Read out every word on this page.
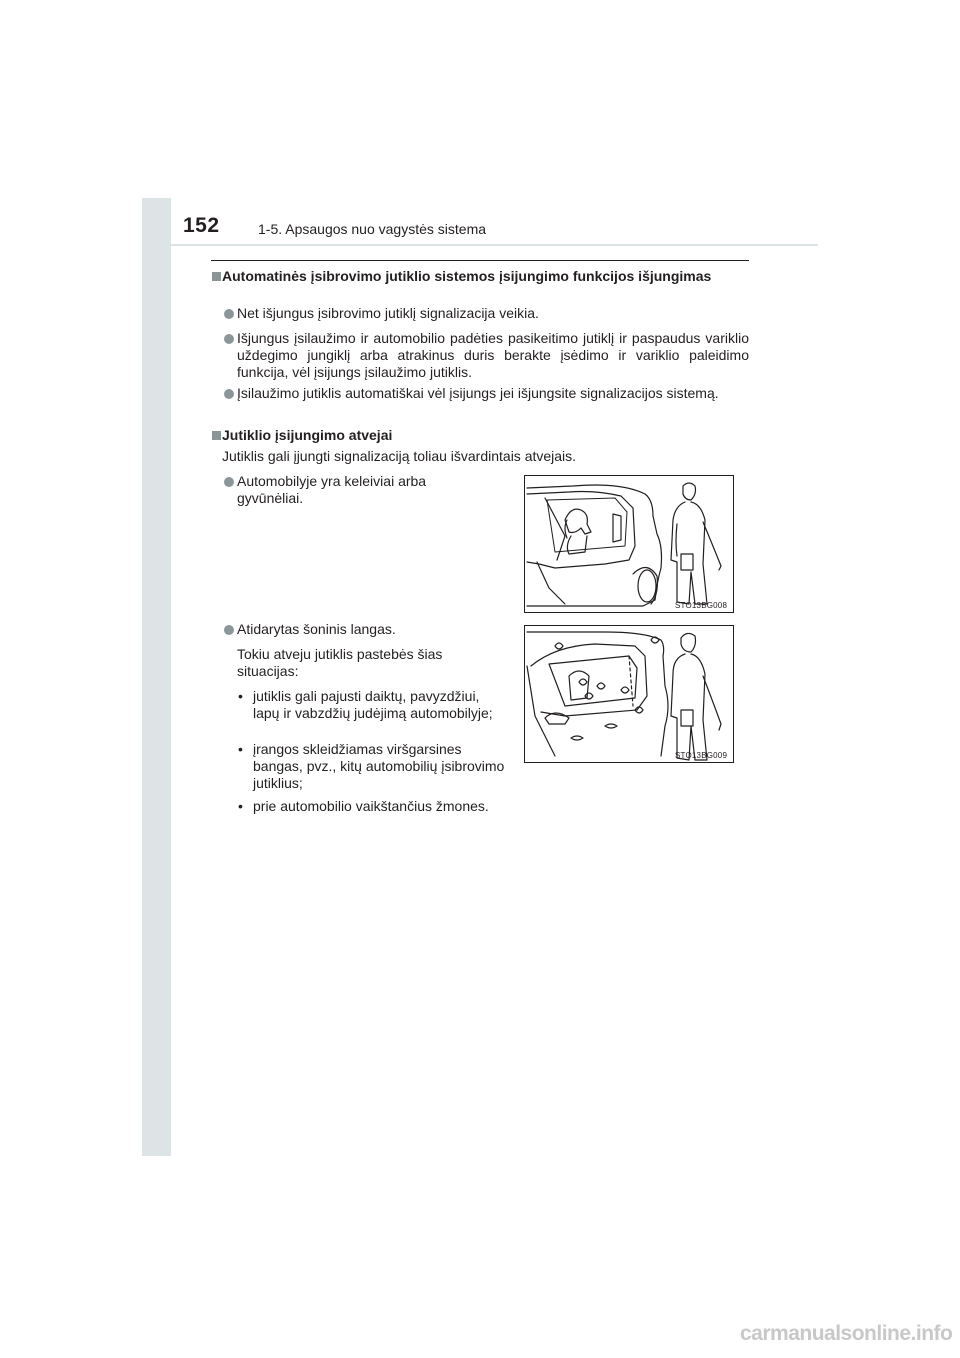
152	1-5. Apsaugos nuo vagystės sistema
Automatinės įsibrovimo jutiklio sistemos įsijungimo funkcijos išjungimas
Net išjungus įsibrovimo jutiklį signalizacija veikia.
Išjungus įsilaužimo ir automobilio padėties pasikeitimo jutiklį ir paspaudus variklio uždegimo jungiklį arba atrakinus duris berakte įsėdimo ir variklio paleidimo funkcija, vėl įsijungs įsilaužimo jutiklis.
Įsilaužimo jutiklis automatiškai vėl įsijungs jei išjungsite signalizacijos sistemą.
Jutiklio įsijungimo atvejai
Jutiklis gali įjungti signalizaciją toliau išvardintais atvejais.
Automobilyje yra keleiviai arba gyvūnėliai.
STO13BG008
Atidarytas šoninis langas.
Tokiu atveju jutiklis pastebės šias situacijas:
• jutiklis gali pajusti daiktų, pavyzdžiui, lapų ir vabzdžių judėjimą automobilyje;
• įrangos skleidžiamas viršgarsines bangas, pvz., kitų automobilių įsibrovimo jutiklius;
• prie automobilio vaikštančius žmones.
STO13BG009
carmanualsonline.info
